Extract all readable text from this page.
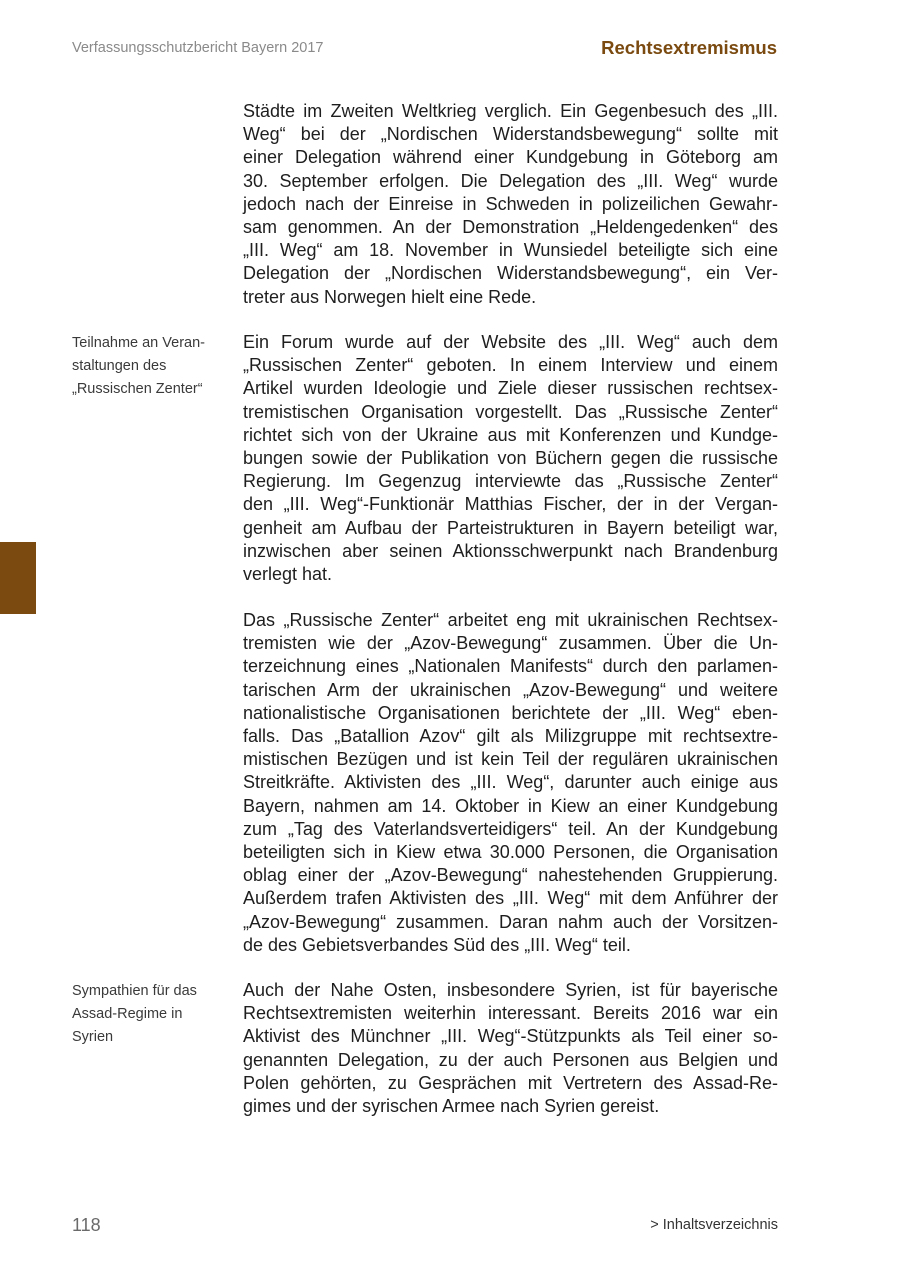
Verfassungsschutzbericht Bayern 2017	Rechtsextremismus
Teilnahme an Veran-
staltungen des
„Russischen Zenter“
Sympathien für das
Assad-Regime in
Syrien

Städte im Zweiten Weltkrieg verglich. Ein Gegenbesuch des „III.
Weg“ bei der „Nordischen Widerstandsbewegung“ sollte mit
einer Delegation während einer Kundgebung in Göteborg am
30. September erfolgen. Die Delegation des „III. Weg“ wurde
jedoch nach der Einreise in Schweden in polizeilichen Gewahr-
sam genommen. An der Demonstration „Heldengedenken“ des
„III. Weg“ am 18. November in Wunsiedel beteiligte sich eine
Delegation der „Nordischen Widerstandsbewegung“, ein Ver-
treter aus Norwegen hielt eine Rede.

Ein Forum wurde auf der Website des „III. Weg“ auch dem
„Russischen Zenter“ geboten. In einem Interview und einem
Artikel wurden Ideologie und Ziele dieser russischen rechtsex-
tremistischen Organisation vorgestellt. Das „Russische Zenter“
richtet sich von der Ukraine aus mit Konferenzen und Kundge-
bungen sowie der Publikation von Büchern gegen die russische
Regierung. Im Gegenzug interviewte das „Russische Zenter“
den „III. Weg“-Funktionär Matthias Fischer, der in der Vergan-
genheit am Aufbau der Parteistrukturen in Bayern beteiligt war,
inzwischen aber seinen Aktionsschwerpunkt nach Brandenburg
verlegt hat.

Das „Russische Zenter“ arbeitet eng mit ukrainischen Rechtsex-
tremisten wie der „Azov-Bewegung“ zusammen. Über die Un-
terzeichnung eines „Nationalen Manifests“ durch den parlamen-
tarischen Arm der ukrainischen „Azov-Bewegung“ und weitere
nationalistische Organisationen berichtete der „III. Weg“ eben-
falls. Das „Batallion Azov“ gilt als Milizgruppe mit rechtsextre-
mistischen Bezügen und ist kein Teil der regulären ukrainischen
Streitkräfte. Aktivisten des „III. Weg“, darunter auch einige aus
Bayern, nahmen am 14. Oktober in Kiew an einer Kundgebung
zum „Tag des Vaterlandsverteidigers“ teil. An der Kundgebung
beteiligten sich in Kiew etwa 30.000 Personen, die Organisation
oblag einer der „Azov-Bewegung“ nahestehenden Gruppierung.
Außerdem trafen Aktivisten des „III. Weg“ mit dem Anführer der
„Azov-Bewegung“ zusammen. Daran nahm auch der Vorsitzen-
de des Gebietsverbandes Süd des „III. Weg“ teil.

Auch der Nahe Osten, insbesondere Syrien, ist für bayerische
Rechtsextremisten weiterhin interessant. Bereits 2016 war ein
Aktivist des Münchner „III. Weg“-Stützpunkts als Teil einer so-
genannten Delegation, zu der auch Personen aus Belgien und
Polen gehörten, zu Gesprächen mit Vertretern des Assad-Re-
gimes und der syrischen Armee nach Syrien gereist.

118	> Inhaltsverzeichnis
